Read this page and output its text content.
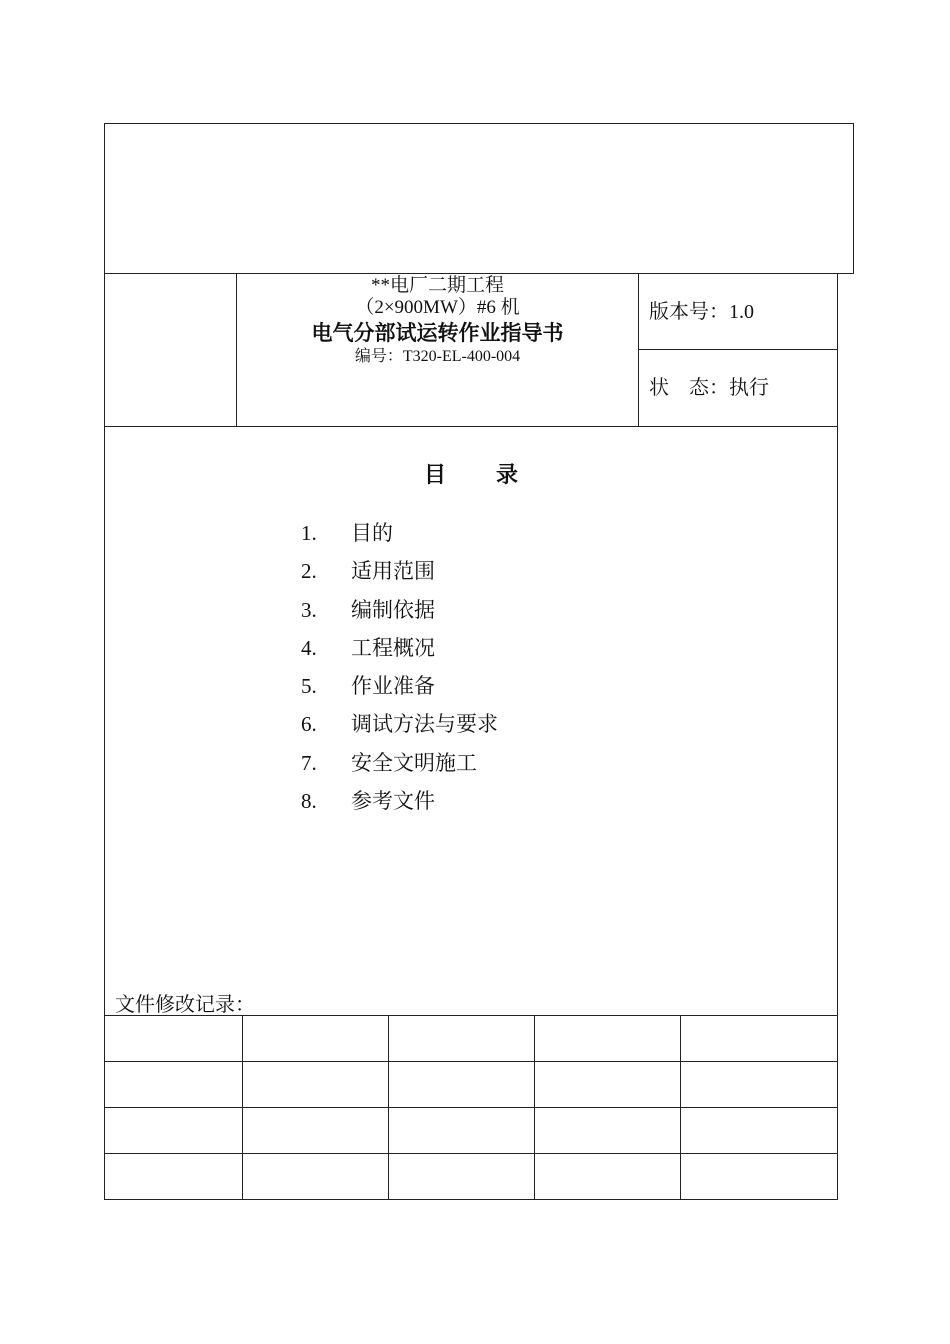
**电厂二期工程
（2×900MW）#6 机
电气分部试运转作业指导书
编号：T320-EL-400-004
版本号：1.0
状　态：执行
目 录
1. 目的
2. 适用范围
3. 编制依据
4. 工程概况
5. 作业准备
6. 调试方法与要求
7. 安全文明施工
8. 参考文件
文件修改记录：
